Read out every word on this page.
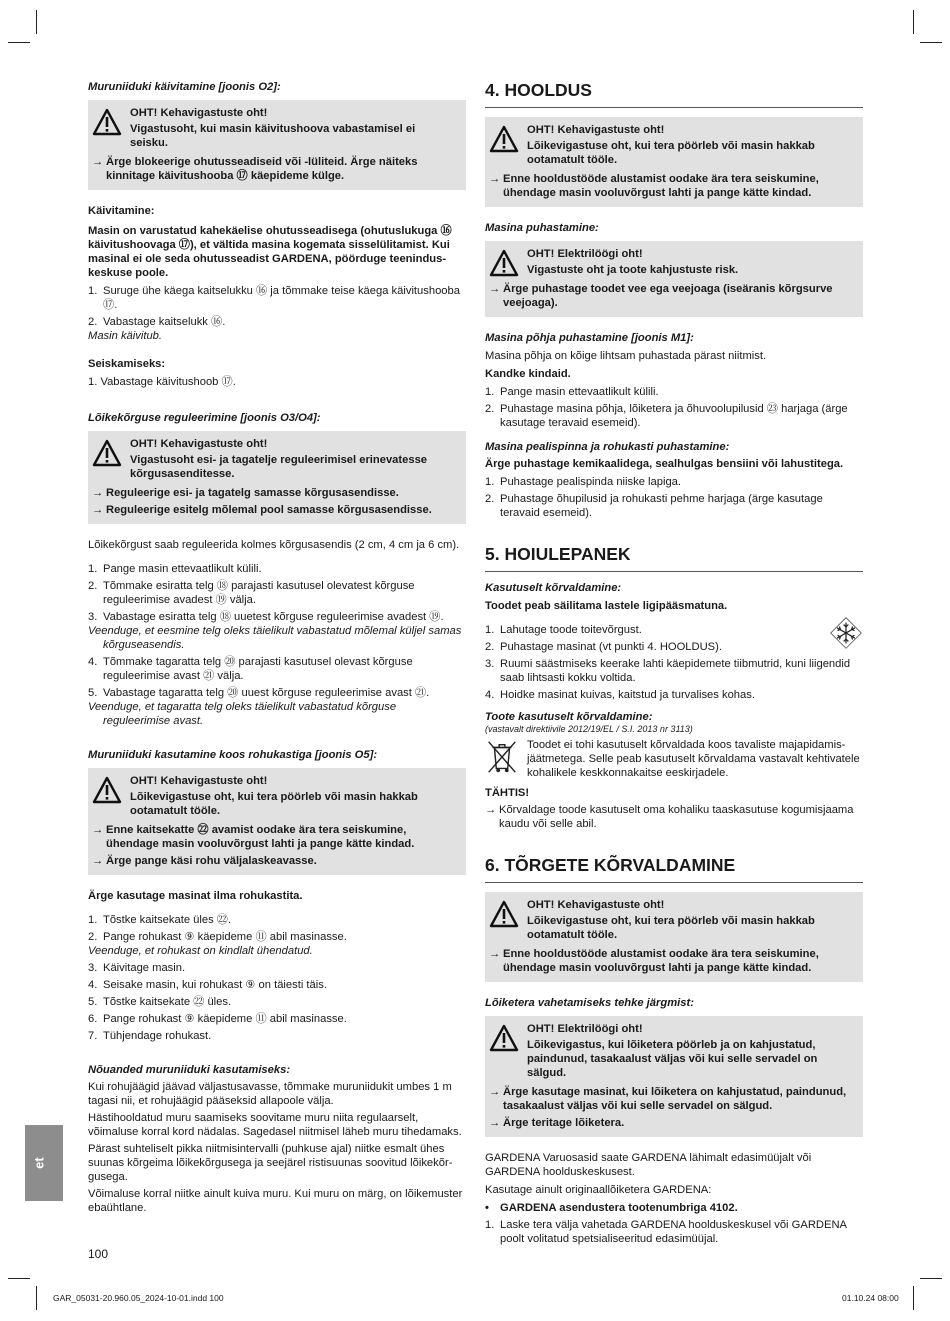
Muruniiduki käivitamine [joonis O2]:

OHT! Kehavigastuste oht!
Vigastusoht, kui masin käivitushoova vabastamisel ei seisku.
→ Ärge blokeerige ohutusseadiseid või -lüliteid. Ärge näiteks kinnitage käivitushooba ⑰ käepideme külge.

Käivitamine:

Masin on varustatud kahekäelise ohutusseadisega (ohutuslukuga ⑯ käivitushoovaga ⑰), et vältida masina kogemata sisselülitamist. Kui masinal ei ole seda ohutusseadist GARDENA, pöörduge teeninduskeskuse poole.

1. Suruge ühe käega kaitselukku ⑯ ja tõmmake teise käega käivitushooba ⑰.
2. Vabastage kaitselukk ⑯.
Masin käivitub.

Seiskamiseks:

1. Vabastage käivitushoob ⑰.

Lõikekõrguse reguleerimine [joonis O3/O4]:

OHT! Kehavigastuste oht!
Vigastusoht esi- ja tagatelje reguleerimisel erinevatesse kõrgusasenditesse.
→ Reguleerige esi- ja tagatelg samasse kõrgusasendisse.
→ Reguleerige esitelg mõlemal pool samasse kõrgusasendisse.

Lõikekõrgust saab reguleerida kolmes kõrgusasendis (2 cm, 4 cm ja 6 cm).

1. Pange masin ettevaatlikult külili.
2. Tõmmake esiratta telg ⑱ parajasti kasutusel olevatest kõrguse reguleerimise avadest ⑲ välja.
3. Vabastage esiratta telg ⑱ uuetest kõrguse reguleerimise avadest ⑲.
Veenduge, et eesmine telg oleks täielikult vabastatud mõlemal küljel samas kõrguseasendis.
4. Tõmmake tagaratta telg ⑳ parajasti kasutusel olevast kõrguse reguleerimise avast ㉑ välja.
5. Vabastage tagaratta telg ⑳ uuest kõrguse reguleerimise avast ㉑.
Veenduge, et tagaratta telg oleks täielikult vabastatud kõrguse reguleerimise avast.

Muruniiduki kasutamine koos rohukastiga [joonis O5]:

OHT! Kehavigastuste oht!
Lõikevigastuse oht, kui tera pöörleb või masin hakkab ootamatult tööle.
→ Enne kaitsekatte ㉒ avamist oodake ära tera seiskumine, ühendage masin vooluvõrgust lahti ja pange kätte kindad.
→ Ärge pange käsi rohu väljalaskeavasse.

Ärge kasutage masinat ilma rohukastita.

1. Tõstke kaitsekate üles ㉒.
2. Pange rohukast ⑨ käepideme ⑪ abil masinasse.
Veenduge, et rohukast on kindlalt ühendatud.
3. Käivitage masin.
4. Seisake masin, kui rohukast ⑨ on täiesti täis.
5. Tõstke kaitsekate ㉒ üles.
6. Pange rohukast ⑨ käepideme ⑪ abil masinasse.
7. Tühjendage rohukast.

Nõuanded muruniiduki kasutamiseks:

Kui rohujäägid jäävad väljastusavasse, tõmmake muruniidukit umbes 1 m tagasi nii, et rohujäägid pääseksid allapoole välja.

Hästihooldatud muru saamiseks soovitame muru niita regulaarselt, võimaluse korral kord nädalas. Sagedasel niitmisel läheb muru tihedamaks.

Pärast suhteliselt pikka niitmisintervalli (puhkuse ajal) niitke esmalt ühes suunas kõrgeima lõikekõrgusega ja seejärel ristisuunas soovitud lõikekõrgusega.

Võimaluse korral niitke ainult kuiva muru. Kui muru on märg, on lõikemuster ebaühtlane.

4. HOOLDUS
OHT! Kehavigastuste oht!
Lõikevigastuse oht, kui tera pöörleb või masin hakkab ootamatult tööle.
→ Enne hooldustööde alustamist oodake ära tera seiskumine, ühendage masin vooluvõrgust lahti ja pange kätte kindad.

Masina puhastamine:

OHT! Elektrilöögi oht!
Vigastuste oht ja toote kahjustuste risk.
→ Ärge puhastage toodet vee ega veejoaga (iseäranis kõrgsurve veejoaga).

Masina põhja puhastamine [joonis M1]:

Masina põhja on kõige lihtsam puhastada pärast niitmist.

Kandke kindaid.

1. Pange masin ettevaatlikult külili.
2. Puhastage masina põhja, lõiketera ja õhuvoolupilusid ㉓ harjaga (ärge kasutage teravaid esemeid).

Masina pealispinna ja rohukasti puhastamine:

Ärge puhastage kemikaalidega, sealhulgas bensiini või lahustitega.

1. Puhastage pealispinda niiske lapiga.
2. Puhastage õhupilusid ja rohukasti pehme harjaga (ärge kasutage teravaid esemeid).
5. HOIULEPANEK

Kasutuselt kõrvaldamine:

Toodet peab säilitama lastele ligipääsmatuna.

1. Lahutage toode toitevõrgust.
2. Puhastage masinat (vt punkti 4. HOOLDUS).
3. Ruumi säästmiseks keerake lahti käepidemete tiibmutrid, kuni liigendid saab lihtsasti kokku voltida.
4. Hoidke masinat kuivas, kaitstud ja turvalises kohas.

Toote kasutuselt kõrvaldamine:

(vastavalt direktiivile 2012/19/EL / S.I. 2013 nr 3113)

Toodet ei tohi kasutuselt kõrvaldada koos tavaliste majapidamisjäätmetega. Selle peab kasutuselt kõrvaldama vastavalt kehtivatele kohalikele keskkonnakaitse eeskirjadele.

TÄHTIS!

→ Kõrvaldage toode kasutuselt oma kohaliku taaskasutuse kogumisjaama kaudu või selle abil.
6. TÕRGETE KÕRVALDAMINE
OHT! Kehavigastuste oht!
Lõikevigastuse oht, kui tera pöörleb või masin hakkab ootamatult tööle.
→ Enne hooldustööde alustamist oodake ära tera seiskumine, ühendage masin vooluvõrgust lahti ja pange kätte kindad.

Lõiketera vahetamiseks tehke järgmist:

OHT! Elektrilöögi oht!
Lõikevigastus, kui lõiketera pöörleb ja on kahjustatud, paindunud, tasakaalust väljas või kui selle servadel on sälgud.
→ Ärge kasutage masinat, kui lõiketera on kahjustatud, paindunud, tasakaalust väljas või kui selle servadel on sälgud.
→ Ärge teritage lõiketera.

GARDENA Varuosasid saate GARDENA lähimalt edasimüüjalt või GARDENA hoolduskeskusest.

Kasutage ainult originaallõiketera GARDENA:

• GARDENA asendustera tootenumbriga 4102.
1. Laske tera välja vahetada GARDENA hoolduskeskusel või GARDENA poolt volitatud spetsialiseeritud edasimüüjal.
et
100
GAR_05031-20.960.05_2024-10-01.indd 100	01.10.24 08:00
